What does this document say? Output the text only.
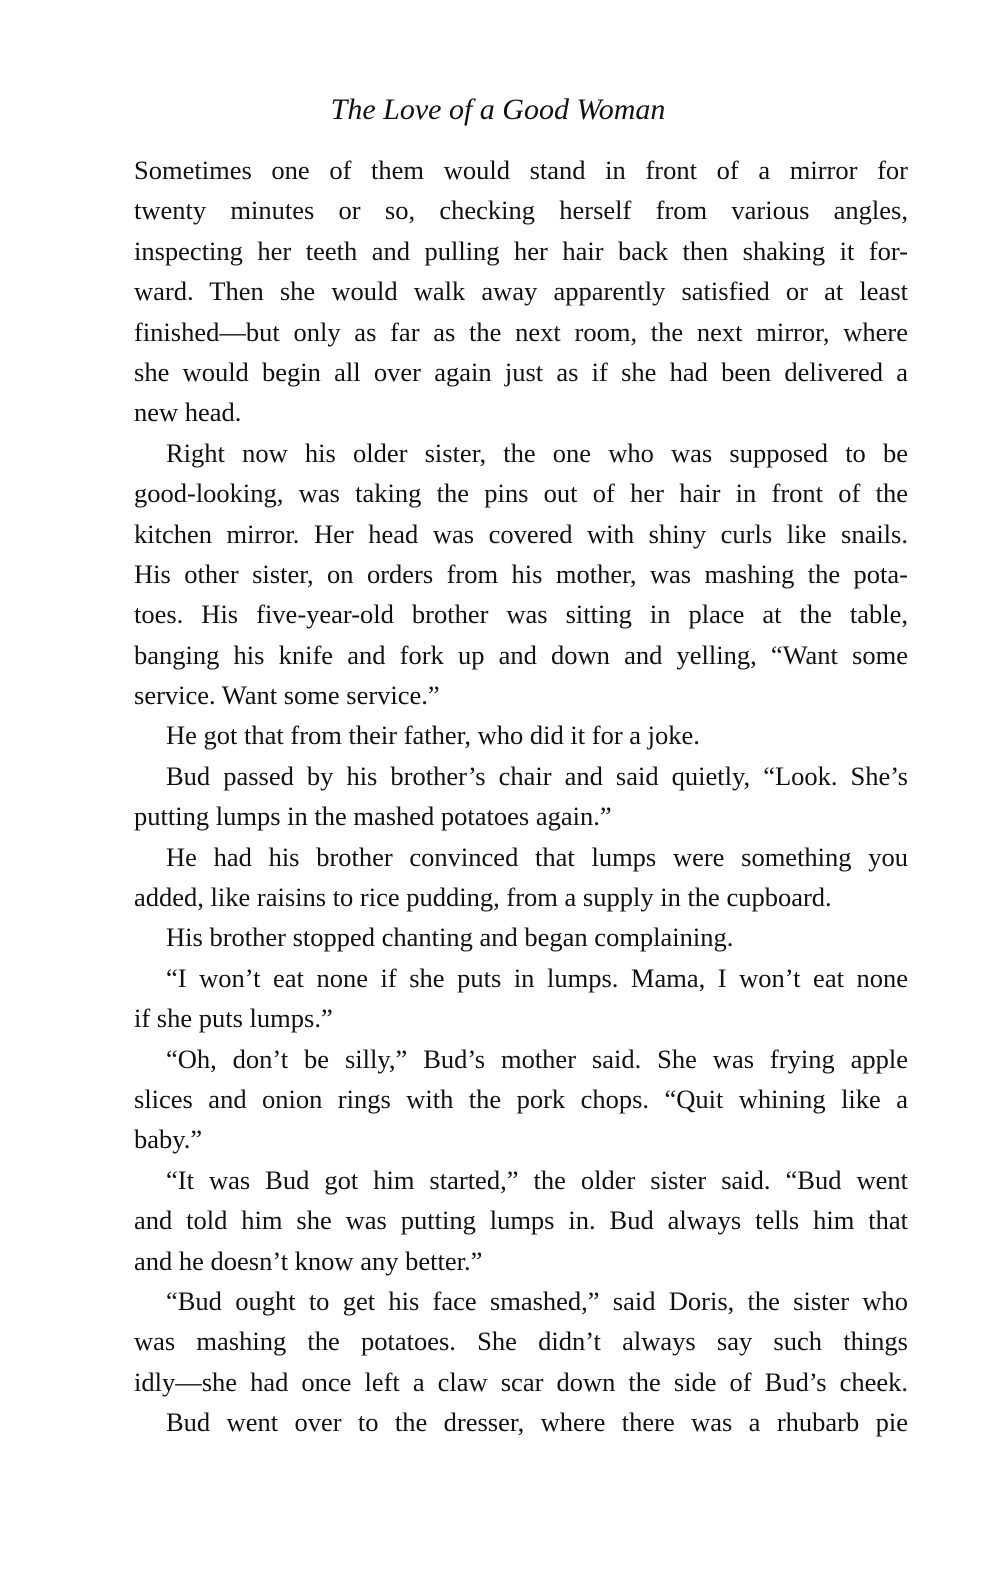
The Love of a Good Woman
Sometimes one of them would stand in front of a mirror for
twenty minutes or so, checking herself from various angles,
inspecting her teeth and pulling her hair back then shaking it for-
ward. Then she would walk away apparently satisfied or at least
finished—but only as far as the next room, the next mirror, where
she would begin all over again just as if she had been delivered a
new head.
Right now his older sister, the one who was supposed to be
good-looking, was taking the pins out of her hair in front of the
kitchen mirror. Her head was covered with shiny curls like snails.
His other sister, on orders from his mother, was mashing the pota-
toes. His five-year-old brother was sitting in place at the table,
banging his knife and fork up and down and yelling, “Want some
service. Want some service.”
He got that from their father, who did it for a joke.
Bud passed by his brother’s chair and said quietly, “Look. She’s
putting lumps in the mashed potatoes again.”
He had his brother convinced that lumps were something you
added, like raisins to rice pudding, from a supply in the cupboard.
His brother stopped chanting and began complaining.
“I won’t eat none if she puts in lumps. Mama, I won’t eat none
if she puts lumps.”
“Oh, don’t be silly,” Bud’s mother said. She was frying apple
slices and onion rings with the pork chops. “Quit whining like a
baby.”
“It was Bud got him started,” the older sister said. “Bud went
and told him she was putting lumps in. Bud always tells him that
and he doesn’t know any better.”
“Bud ought to get his face smashed,” said Doris, the sister who
was mashing the potatoes. She didn’t always say such things
idly—she had once left a claw scar down the side of Bud’s cheek.
Bud went over to the dresser, where there was a rhubarb pie
